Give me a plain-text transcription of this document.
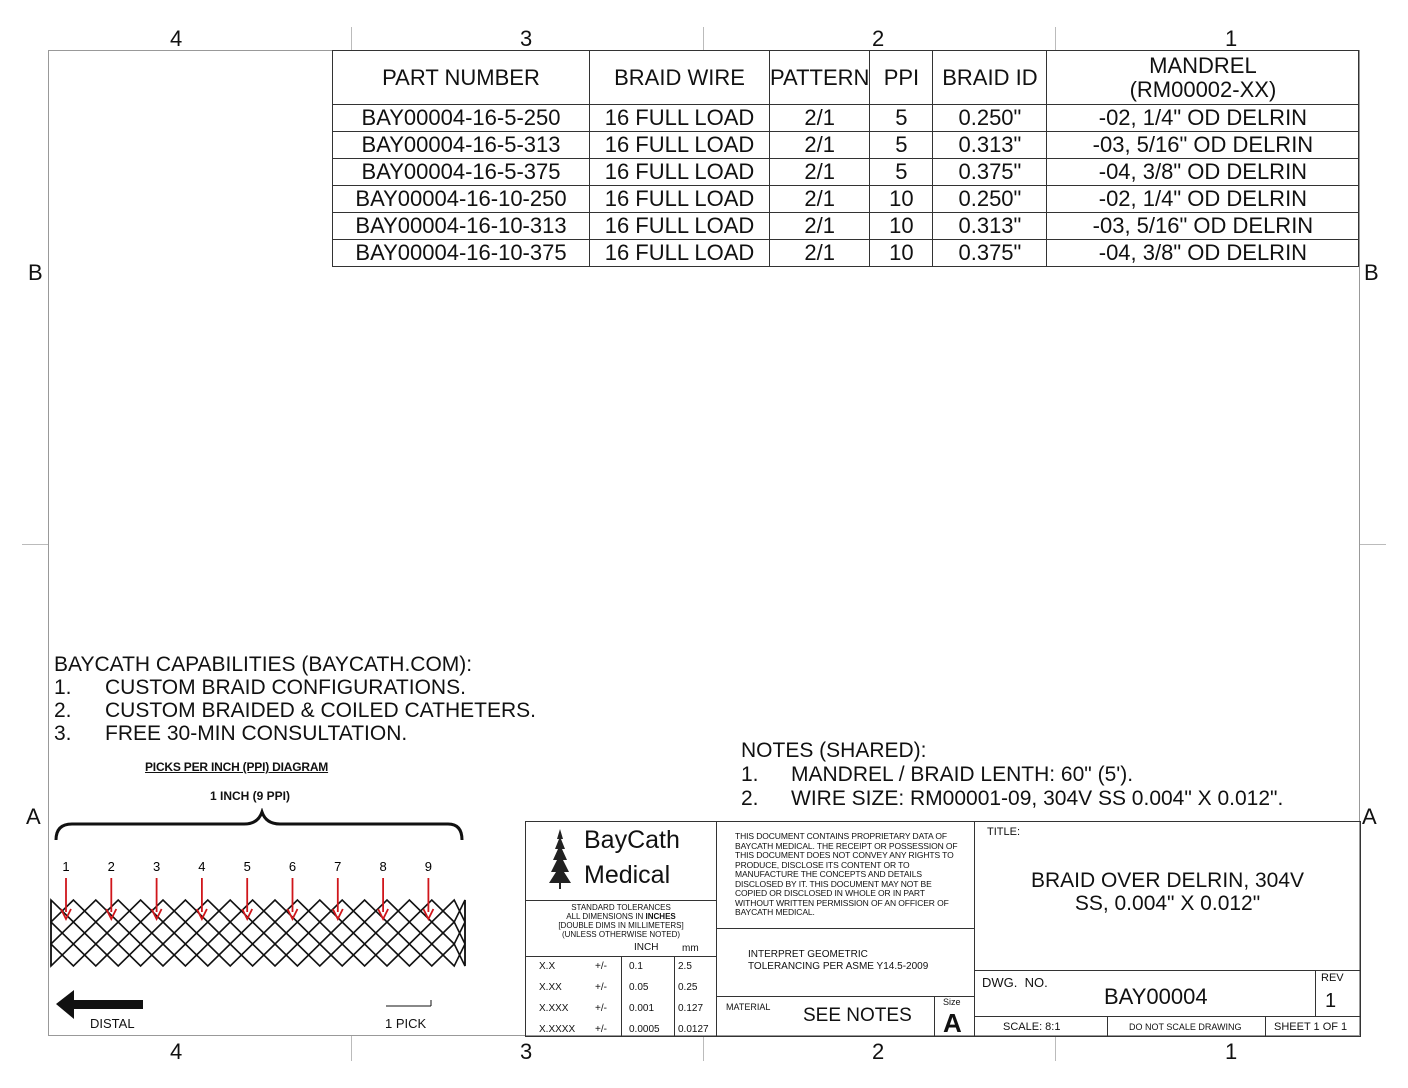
4	3	2	1
4	3	2	1
B	B
A	A
PART NUMBER	BRAID WIRE	PATTERN	PPI	BRAID ID	MANDREL
(RM00002-XX)

BAY00004-16-5-250	16 FULL LOAD	2/1	5	0.250"	-02, 1/4" OD DELRIN
BAY00004-16-5-313	16 FULL LOAD	2/1	5	0.313"	-03, 5/16" OD DELRIN
BAY00004-16-5-375	16 FULL LOAD	2/1	5	0.375"	-04, 3/8" OD DELRIN
BAY00004-16-10-250	16 FULL LOAD	2/1	10	0.250"	-02, 1/4" OD DELRIN
BAY00004-16-10-313	16 FULL LOAD	2/1	10	0.313"	-03, 5/16" OD DELRIN
BAY00004-16-10-375	16 FULL LOAD	2/1	10	0.375"	-04, 3/8" OD DELRIN
BAYCATH CAPABILITIES (BAYCATH.COM):
1. CUSTOM BRAID CONFIGURATIONS.
2. CUSTOM BRAIDED & COILED CATHETERS.
3. FREE 30-MIN CONSULTATION.
NOTES (SHARED):
1. MANDREL / BRAID LENTH: 60" (5').
2. WIRE SIZE: RM00001-09, 304V SS 0.004" X 0.012".
PICKS PER INCH (PPI) DIAGRAM
1 INCH (9 PPI)
1	2	3	4	5	6	7	8	9
DISTAL	1 PICK
BayCath
Medical
THIS DOCUMENT CONTAINS PROPRIETARY DATA OF
BAYCATH MEDICAL. THE RECEIPT OR POSSESSION OF
THIS DOCUMENT DOES NOT CONVEY ANY RIGHTS TO
PRODUCE, DISCLOSE ITS CONTENT OR TO
MANUFACTURE THE CONCEPTS AND DETAILS
DISCLOSED BY IT. THIS DOCUMENT MAY NOT BE
COPIED OR DISCLOSED IN WHOLE OR IN PART
WITHOUT WRITTEN PERMISSION OF AN OFFICER OF
BAYCATH MEDICAL.
STANDARD TOLERANCES
ALL DIMENSIONS IN INCHES
[DOUBLE DIMS IN MILLIMETERS]
(UNLESS OTHERWISE NOTED)
INCH mm
X.X	+/- 0.1	2.5
X.XX	+/- 0.05	0.25
X.XXX	+/- 0.001 0.127
X.XXXX +/- 0.0005 0.0127
INTERPRET GEOMETRIC
TOLERANCING PER ASME Y14.5-2009
MATERIAL SEE NOTES
Size
A
TITLE:
BRAID OVER DELRIN, 304V
SS, 0.004" X 0.012"
DWG.  NO.
BAY00004
REV
1
SCALE: 8:1	DO NOT SCALE DRAWING	SHEET 1 OF 1
